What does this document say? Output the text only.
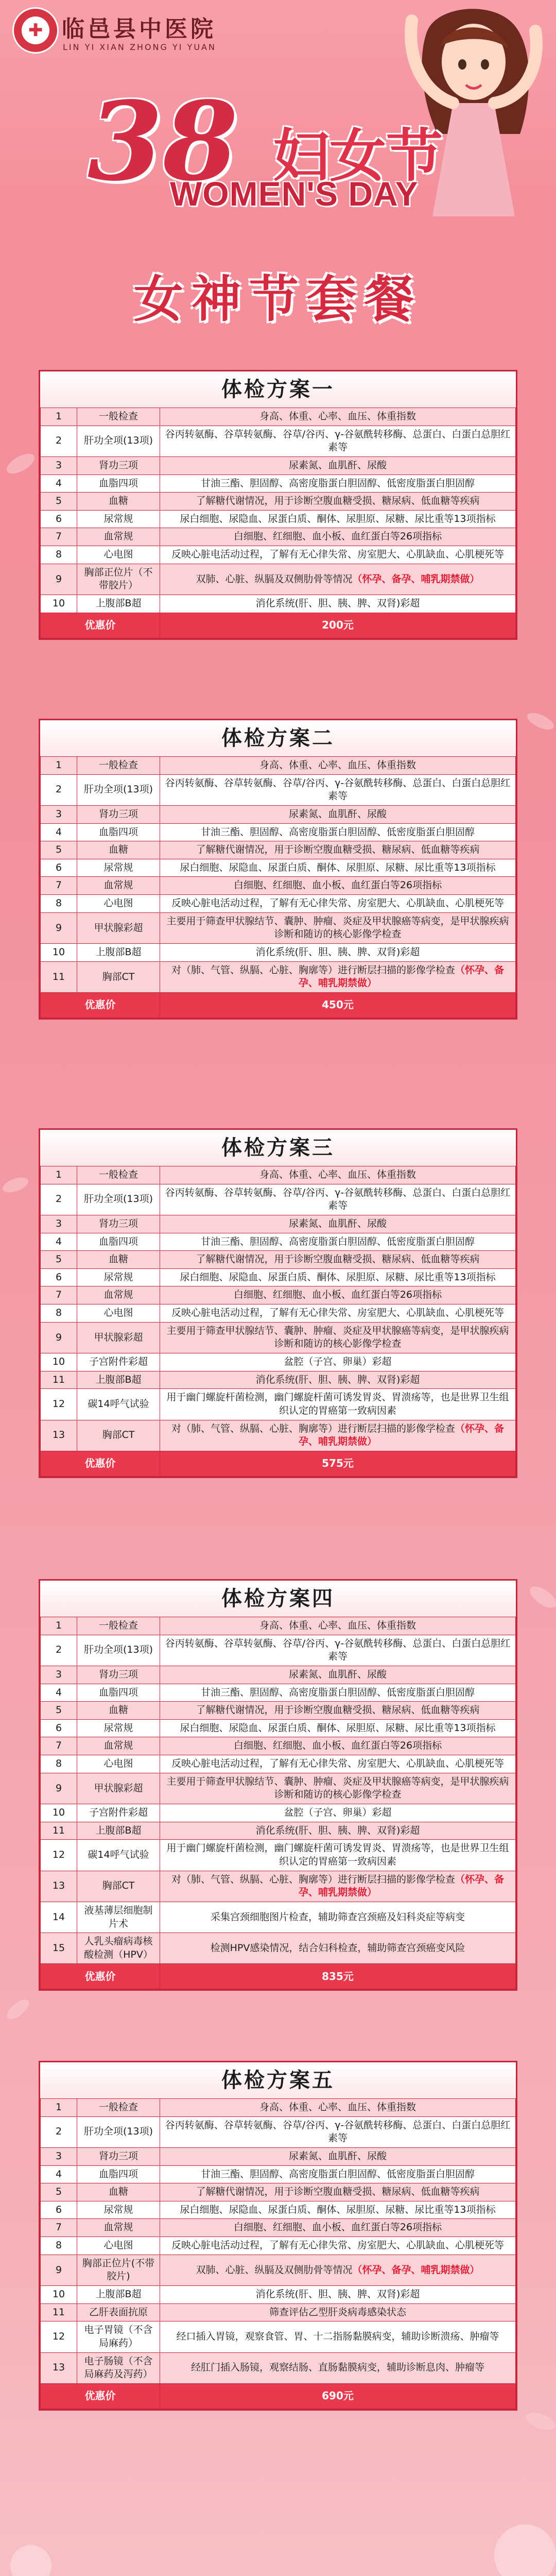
✚ 临邑县中医院
LIN YI XIAN ZHONG YI YUAN
38 妇女节
WOMEN'S DAY
女神节套餐
体检方案一
1	一般检查	身高、体重、心率、血压、体重指数
2	肝功全项(13项)	谷丙转氨酶、谷草转氨酶、谷草/谷丙、γ-谷氨酰转移酶、总蛋白、白蛋白总胆红素等
3	肾功三项	尿素氮、血肌酐、尿酸
4	血脂四项	甘油三酯、胆固醇、高密度脂蛋白胆固醇、低密度脂蛋白胆固醇
5	血糖	了解糖代谢情况，用于诊断空腹血糖受损、糖尿病、低血糖等疾病
6	尿常规	尿白细胞、尿隐血、尿蛋白质、酮体、尿胆原、尿糖、尿比重等13项指标
7	血常规	白细胞、红细胞、血小板、血红蛋白等26项指标
8	心电图	反映心脏电活动过程，了解有无心律失常、房室肥大、心肌缺血、心肌梗死等
9	胸部正位片（不带胶片）	双肺、心脏、纵膈及双侧肋骨等情况（怀孕、备孕、哺乳期禁做）
10	上腹部B超	消化系统(肝、胆、胰、脾、双肾)彩超
优惠价		200元
体检方案二
1	一般检查	身高、体重、心率、血压、体重指数
2	肝功全项(13项)	谷丙转氨酶、谷草转氨酶、谷草/谷丙、γ-谷氨酰转移酶、总蛋白、白蛋白总胆红素等
3	肾功三项	尿素氮、血肌酐、尿酸
4	血脂四项	甘油三酯、胆固醇、高密度脂蛋白胆固醇、低密度脂蛋白胆固醇
5	血糖	了解糖代谢情况，用于诊断空腹血糖受损、糖尿病、低血糖等疾病
6	尿常规	尿白细胞、尿隐血、尿蛋白质、酮体、尿胆原、尿糖、尿比重等13项指标
7	血常规	白细胞、红细胞、血小板、血红蛋白等26项指标
8	心电图	反映心脏电活动过程，了解有无心律失常、房室肥大、心肌缺血、心肌梗死等
9	甲状腺彩超	主要用于筛查甲状腺结节、囊肿、肿瘤、炎症及甲状腺癌等病变，是甲状腺疾病诊断和随访的核心影像学检查
10	上腹部B超	消化系统(肝、胆、胰、脾、双肾)彩超
11	胸部CT	对（肺、气管、纵膈、心脏、胸廓等）进行断层扫描的影像学检查（怀孕、备孕、哺乳期禁做）
优惠价		450元
体检方案三
1	一般检查	身高、体重、心率、血压、体重指数
2	肝功全项(13项)	谷丙转氨酶、谷草转氨酶、谷草/谷丙、γ-谷氨酰转移酶、总蛋白、白蛋白总胆红素等
3	肾功三项	尿素氮、血肌酐、尿酸
4	血脂四项	甘油三酯、胆固醇、高密度脂蛋白胆固醇、低密度脂蛋白胆固醇
5	血糖	了解糖代谢情况，用于诊断空腹血糖受损、糖尿病、低血糖等疾病
6	尿常规	尿白细胞、尿隐血、尿蛋白质、酮体、尿胆原、尿糖、尿比重等13项指标
7	血常规	白细胞、红细胞、血小板、血红蛋白等26项指标
8	心电图	反映心脏电活动过程，了解有无心律失常、房室肥大、心肌缺血、心肌梗死等
9	甲状腺彩超	主要用于筛查甲状腺结节、囊肿、肿瘤、炎症及甲状腺癌等病变，是甲状腺疾病诊断和随访的核心影像学检查
10	子宫附件彩超	盆腔（子宫、卵巢）彩超
11	上腹部B超	消化系统(肝、胆、胰、脾、双肾)彩超
12	碳14呼气试验	用于幽门螺旋杆菌检测，幽门螺旋杆菌可诱发胃炎、胃溃疡等，也是世界卫生组织认定的胃癌第一致病因素
13	胸部CT	对（肺、气管、纵膈、心脏、胸廓等）进行断层扫描的影像学检查（怀孕、备孕、哺乳期禁做）
优惠价		575元
体检方案四
1	一般检查	身高、体重、心率、血压、体重指数
2	肝功全项(13项)	谷丙转氨酶、谷草转氨酶、谷草/谷丙、γ-谷氨酰转移酶、总蛋白、白蛋白总胆红素等
3	肾功三项	尿素氮、血肌酐、尿酸
4	血脂四项	甘油三酯、胆固醇、高密度脂蛋白胆固醇、低密度脂蛋白胆固醇
5	血糖	了解糖代谢情况，用于诊断空腹血糖受损、糖尿病、低血糖等疾病
6	尿常规	尿白细胞、尿隐血、尿蛋白质、酮体、尿胆原、尿糖、尿比重等13项指标
7	血常规	白细胞、红细胞、血小板、血红蛋白等26项指标
8	心电图	反映心脏电活动过程，了解有无心律失常、房室肥大、心肌缺血、心肌梗死等
9	甲状腺彩超	主要用于筛查甲状腺结节、囊肿、肿瘤、炎症及甲状腺癌等病变，是甲状腺疾病诊断和随访的核心影像学检查
10	子宫附件彩超	盆腔（子宫、卵巢）彩超
11	上腹部B超	消化系统(肝、胆、胰、脾、双肾)彩超
12	碳14呼气试验	用于幽门螺旋杆菌检测，幽门螺旋杆菌可诱发胃炎、胃溃疡等，也是世界卫生组织认定的胃癌第一致病因素
13	胸部CT	对（肺、气管、纵膈、心脏、胸廓等）进行断层扫描的影像学检查（怀孕、备孕、哺乳期禁做）
14	液基薄层细胞制片术	采集宫颈细胞图片检查，辅助筛查宫颈癌及妇科炎症等病变
15	人乳头瘤病毒核酸检测（HPV）	检测HPV感染情况，结合妇科检查，辅助筛查宫颈癌变风险
优惠价		835元
体检方案五
1	一般检查	身高、体重、心率、血压、体重指数
2	肝功全项(13项)	谷丙转氨酶、谷草转氨酶、谷草/谷丙、γ-谷氨酰转移酶、总蛋白、白蛋白总胆红素等
3	肾功三项	尿素氮、血肌酐、尿酸
4	血脂四项	甘油三酯、胆固醇、高密度脂蛋白胆固醇、低密度脂蛋白胆固醇
5	血糖	了解糖代谢情况，用于诊断空腹血糖受损、糖尿病、低血糖等疾病
6	尿常规	尿白细胞、尿隐血、尿蛋白质、酮体、尿胆原、尿糖、尿比重等13项指标
7	血常规	白细胞、红细胞、血小板、血红蛋白等26项指标
8	心电图	反映心脏电活动过程，了解有无心律失常、房室肥大、心肌缺血、心肌梗死等
9	胸部正位片(不带胶片)	双肺、心脏、纵膈及双侧肋骨等情况（怀孕、备孕、哺乳期禁做）
10	上腹部B超	消化系统(肝、胆、胰、脾、双肾)彩超
11	乙肝表面抗原	筛查评估乙型肝炎病毒感染状态
12	电子胃镜（不含局麻药）	经口插入胃镜，观察食管、胃、十二指肠黏膜病变，辅助诊断溃疡、肿瘤等
13	电子肠镜（不含局麻药及泻药）	经肛门插入肠镜，观察结肠、直肠黏膜病变，辅助诊断息肉、肿瘤等
优惠价		690元
